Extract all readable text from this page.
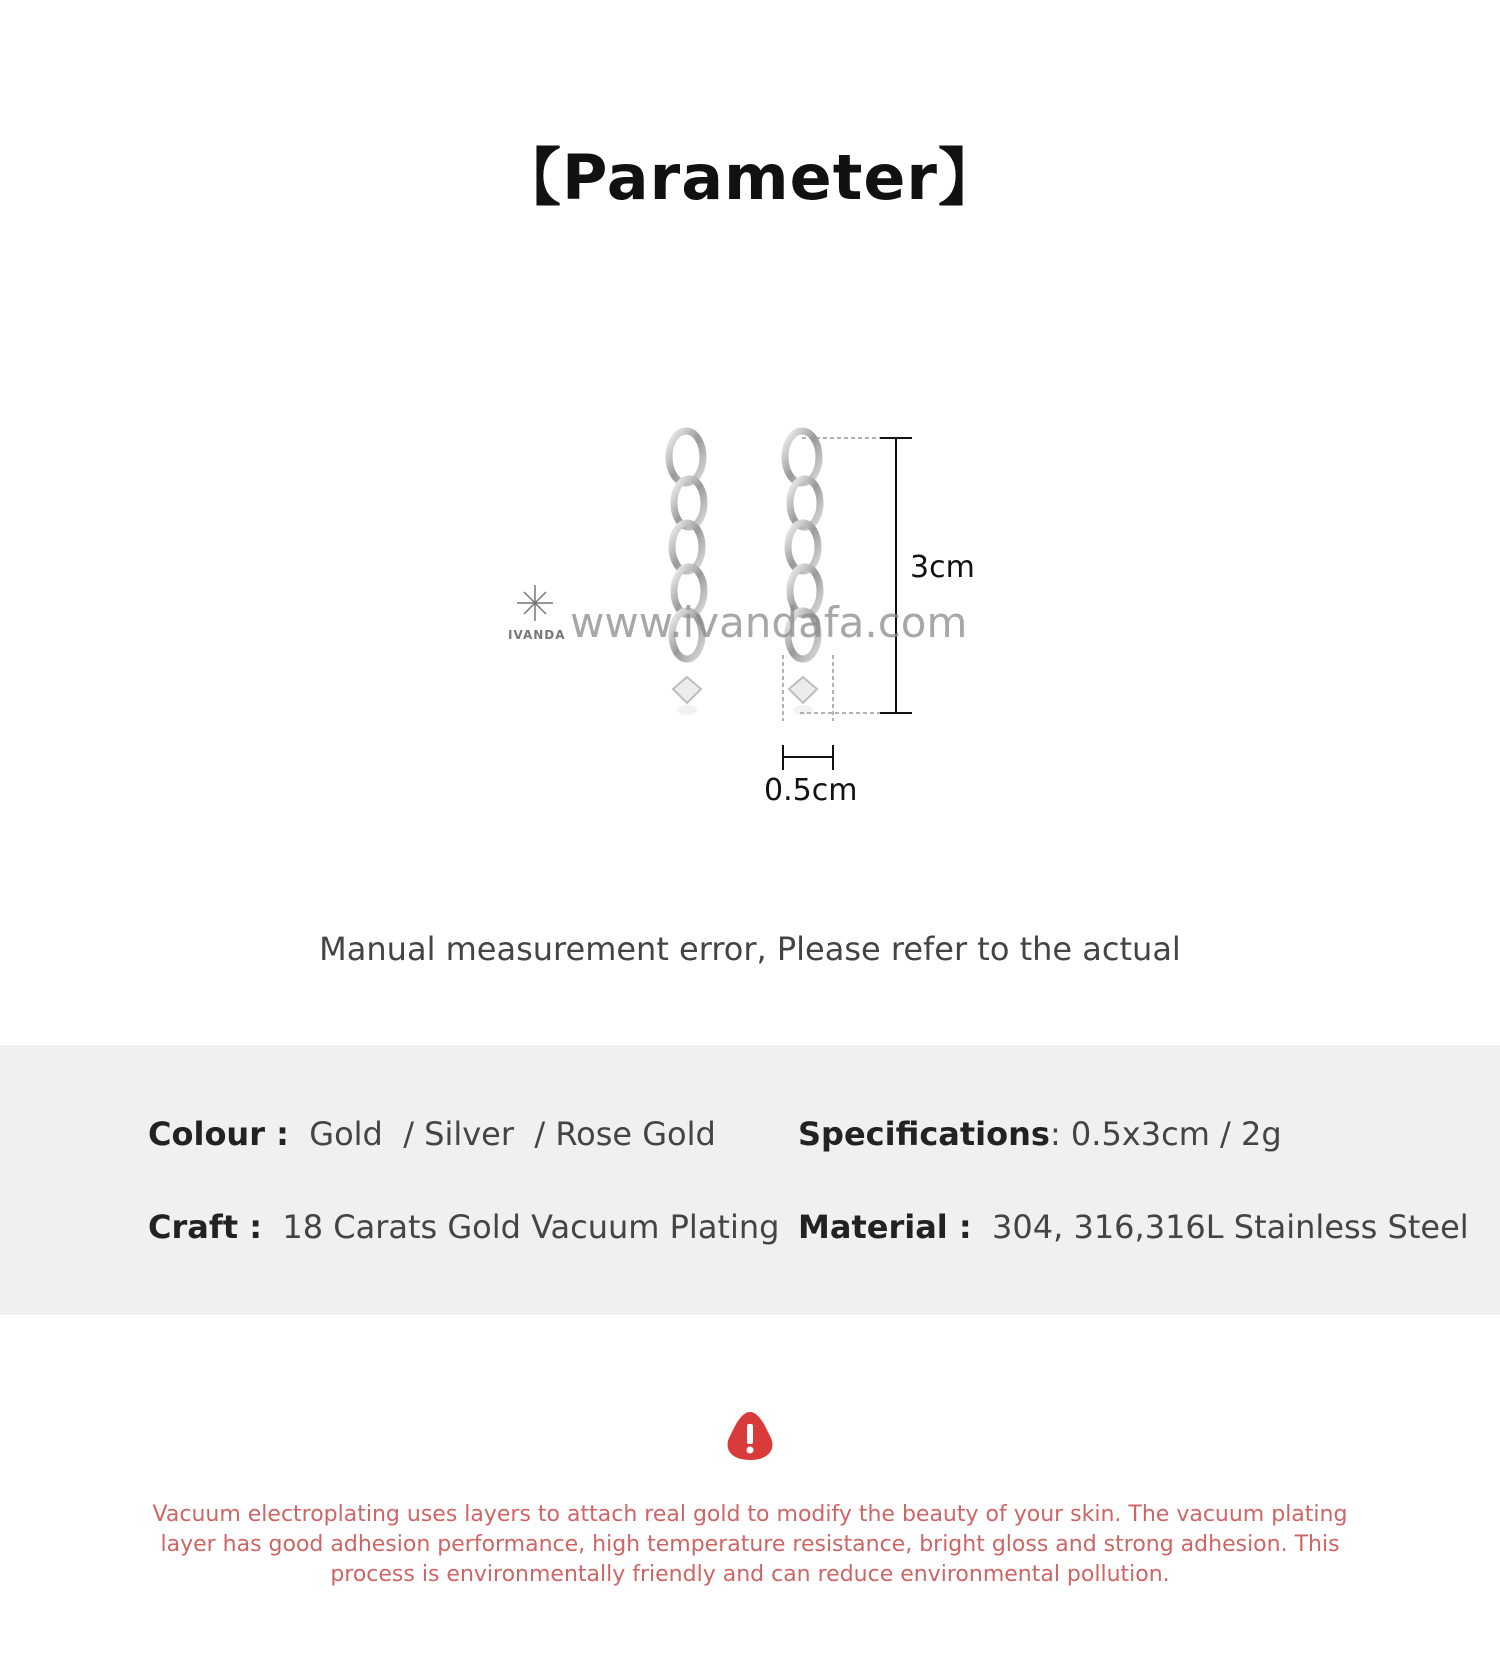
【Parameter】
www.ivandafa.com
IVANDA
3cm
0.5cm
Manual measurement error, Please refer to the actual
Colour : Gold  / Silver  / Rose Gold	Specifications: 0.5x3cm / 2g
Craft : 18 Carats Gold Vacuum Plating Material : 304, 316,316L Stainless Steel
Vacuum electroplating uses layers to attach real gold to modify the beauty of your skin. The vacuum plating layer has good adhesion performance, high temperature resistance, bright gloss and strong adhesion. This process is environmentally friendly and can reduce environmental pollution.
